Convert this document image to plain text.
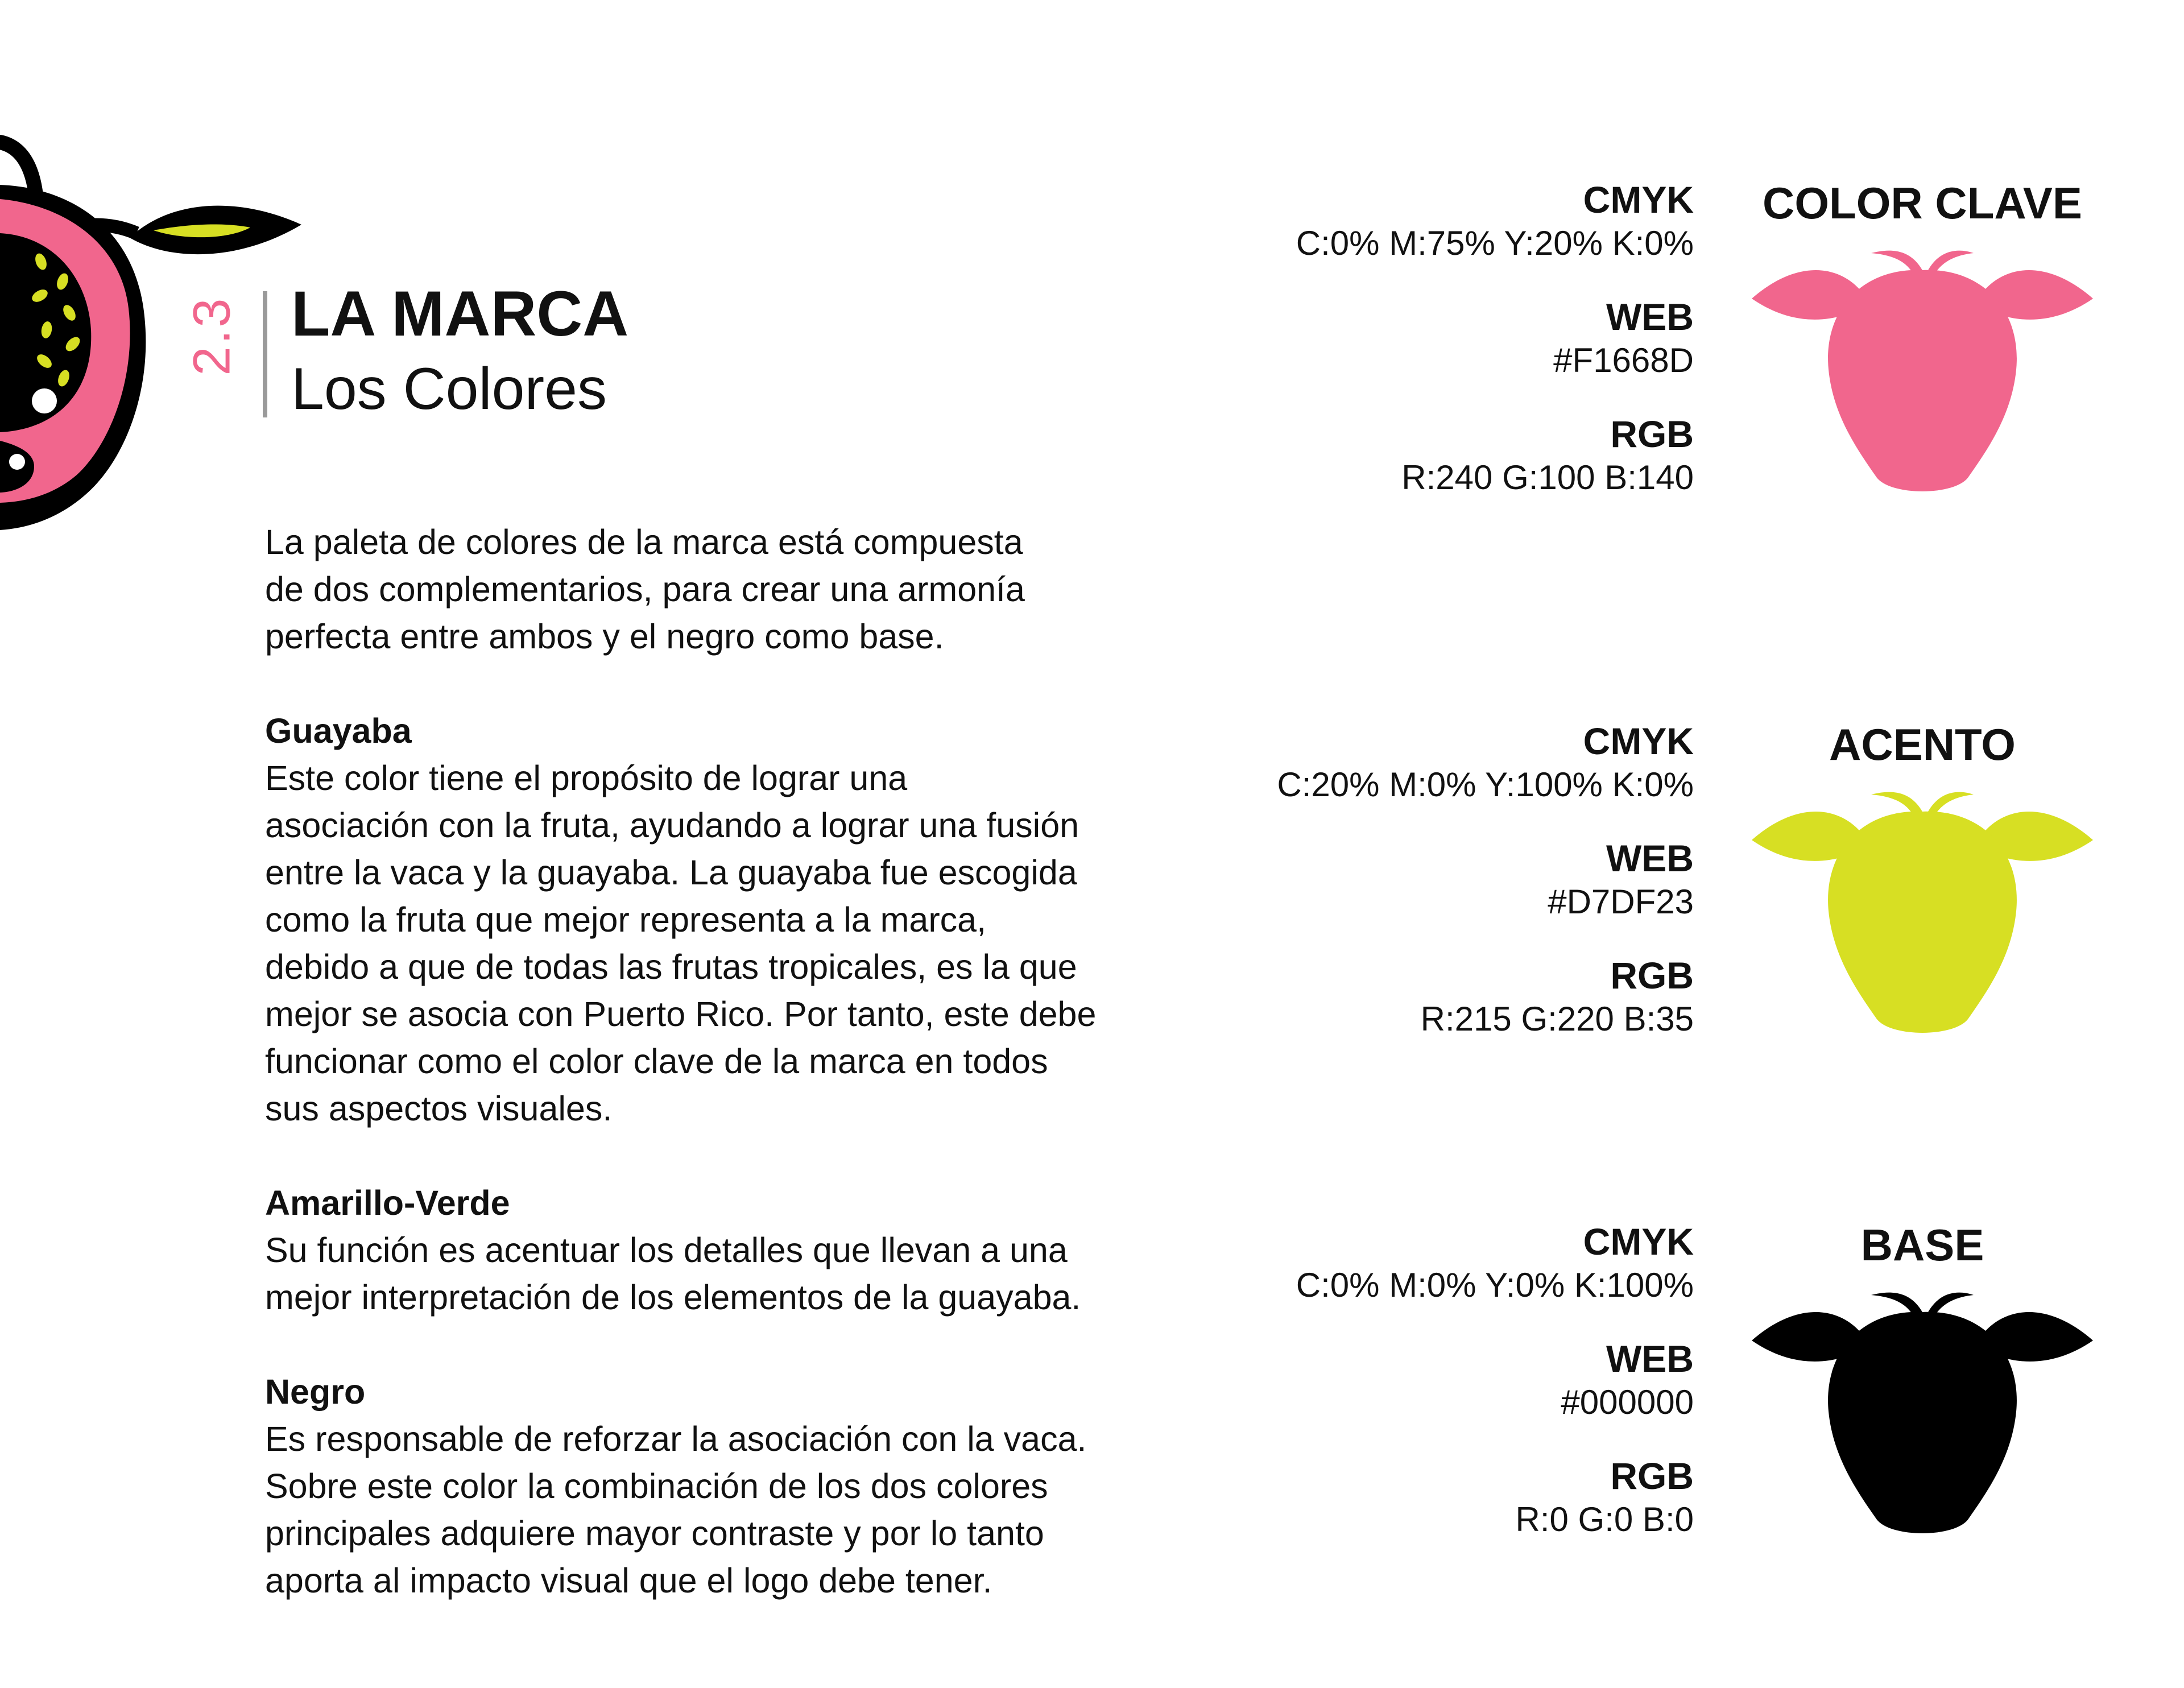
2.3 LA MARCA
Los Colores

La paleta de colores de la marca está compuesta

de dos complementarios, para crear una armonía

perfecta entre ambos y el negro como base.

Guayaba

Este color tiene el propósito de lograr una

asociación con la fruta, ayudando a lograr una fusión

entre la vaca y la guayaba. La guayaba fue escogida

como la fruta que mejor representa a la marca,

debido a que de todas las frutas tropicales, es la que

mejor se asocia con Puerto Rico. Por tanto, este debe

funcionar como el color clave de la marca en todos

sus aspectos visuales.

Amarillo-Verde

Su función es acentuar los detalles que llevan a una

mejor interpretación de los elementos de la guayaba.

Negro

Es responsable de reforzar la asociación con la vaca.

Sobre este color la combinación de los dos colores

principales adquiere mayor contraste y por lo tanto

aporta al impacto visual que el logo debe tener.

CMYK
C:0% M:75% Y:20% K:0%
WEB
#F1668D
RGB
R:240 G:100 B:140
COLOR CLAVE
CMYK
C:20% M:0% Y:100% K:0%
WEB
#D7DF23
RGB
R:215 G:220 B:35
ACENTO
CMYK
C:0% M:0% Y:0% K:100%
WEB
#000000
RGB
R:0 G:0 B:0
BASE
